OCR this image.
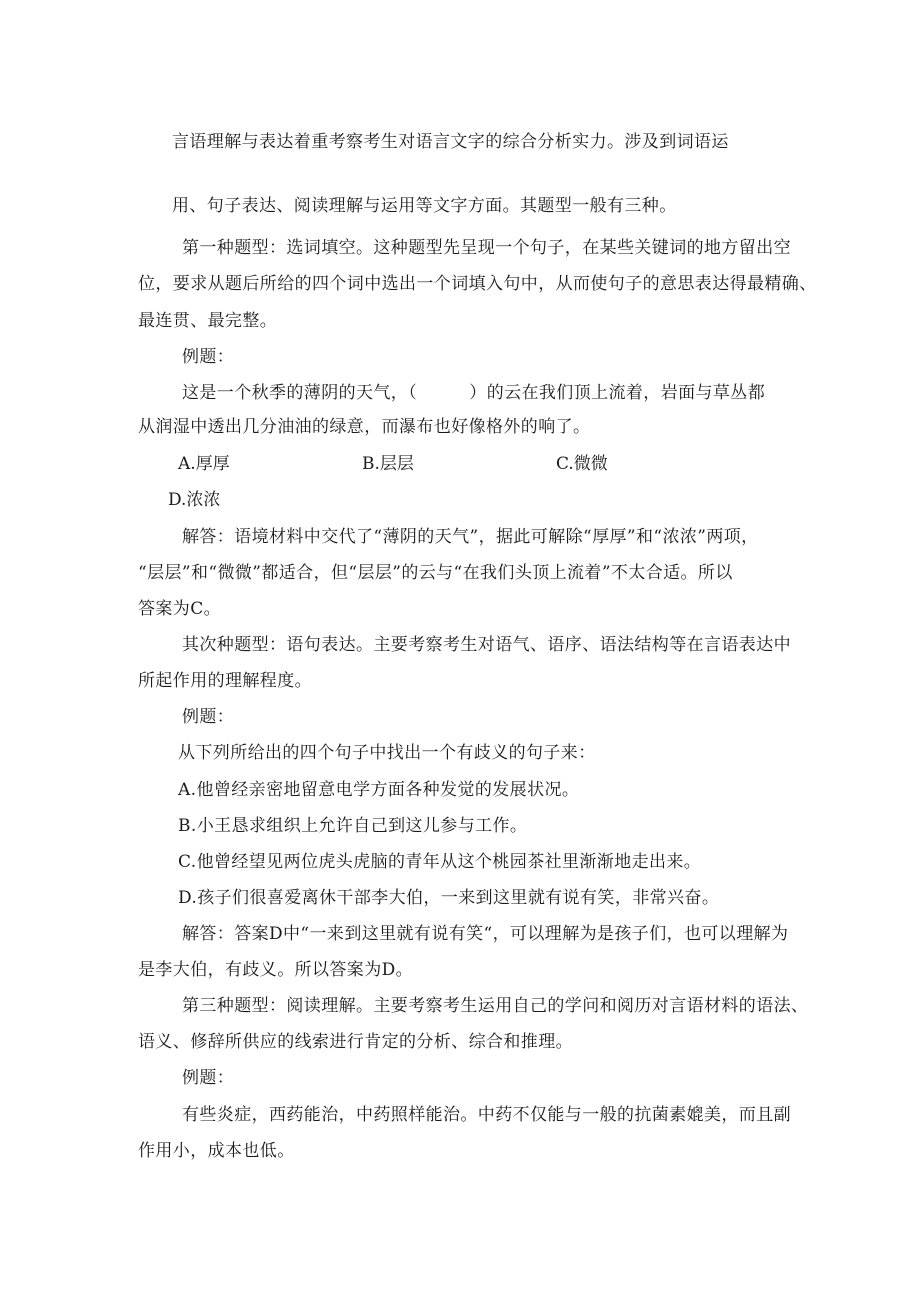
言语理解与表达着重考察考生对语言文字的综合分析实力。涉及到词语运
用、句子表达、阅读理解与运用等文字方面。其题型一般有三种。
第一种题型：选词填空。这种题型先呈现一个句子，在某些关键词的地方留出空
位，要求从题后所给的四个词中选出一个词填入句中，从而使句子的意思表达得最精确、
最连贯、最完整。
例题：
这是一个秋季的薄阴的天气，（　　　）的云在我们顶上流着，岩面与草丛都
从润湿中透出几分油油的绿意，而瀑布也好像格外的响了。
A.厚厚	B.层层	C.微微
D.浓浓
解答：语境材料中交代了“薄阴的天气”，据此可解除“厚厚”和“浓浓”两项，
“层层”和“微微”都适合，但“层层”的云与“在我们头顶上流着”不太合适。所以
答案为C。
其次种题型：语句表达。主要考察考生对语气、语序、语法结构等在言语表达中
所起作用的理解程度。
例题：
从下列所给出的四个句子中找出一个有歧义的句子来：
A.他曾经亲密地留意电学方面各种发觉的发展状况。
B.小王恳求组织上允许自己到这儿参与工作。
C.他曾经望见两位虎头虎脑的青年从这个桃园茶社里渐渐地走出来。
D.孩子们很喜爱离休干部李大伯，一来到这里就有说有笑，非常兴奋。
解答：答案D中“一来到这里就有说有笑“，可以理解为是孩子们，也可以理解为
是李大伯，有歧义。所以答案为D。
第三种题型：阅读理解。主要考察考生运用自己的学问和阅历对言语材料的语法、
语义、修辞所供应的线索进行肯定的分析、综合和推理。
例题：
有些炎症，西药能治，中药照样能治。中药不仅能与一般的抗菌素媲美，而且副
作用小，成本也低。
